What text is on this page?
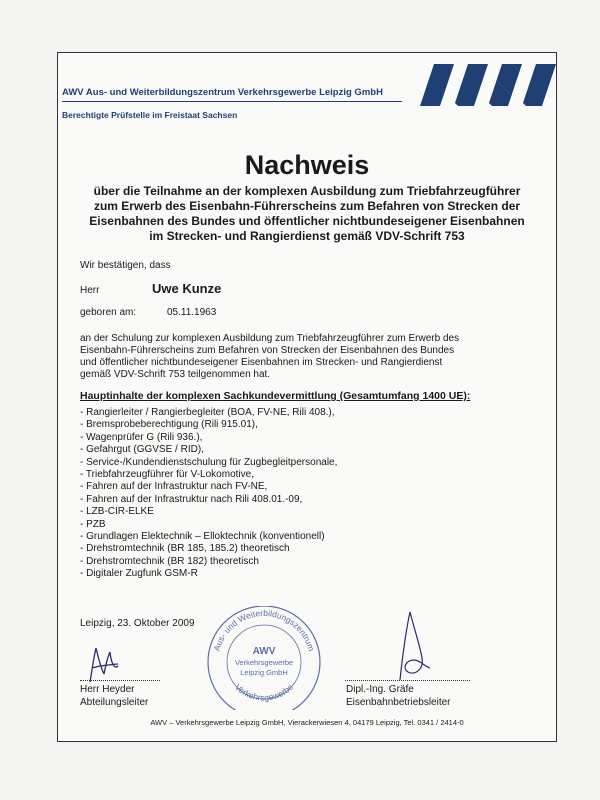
AWV Aus- und Weiterbildungszentrum Verkehrsgewerbe Leipzig GmbH
Berechtigte Prüfstelle im Freistaat Sachsen
Nachweis
über die Teilnahme an der komplexen Ausbildung zum Triebfahrzeugführer
zum Erwerb des Eisenbahn-Führerscheins zum Befahren von Strecken der
Eisenbahnen des Bundes und öffentlicher nichtbundeseigener Eisenbahnen
im Strecken- und Rangierdienst gemäß VDV-Schrift 753
Wir bestätigen, dass
Herr	Uwe Kunze
geboren am:	05.11.1963
an der Schulung zur komplexen Ausbildung zum Triebfahrzeugführer zum Erwerb des
Eisenbahn-Führerscheins zum Befahren von Strecken der Eisenbahnen des Bundes
und öffentlicher nichtbundeseigener Eisenbahnen im Strecken- und Rangierdienst
gemäß VDV-Schrift 753 teilgenommen hat.
Hauptinhalte der komplexen Sachkundevermittlung (Gesamtumfang 1400 UE):
- Rangierleiter / Rangierbegleiter (BOA, FV-NE, Rili 408.),
- Bremsprobeberechtigung (Rili 915.01),
- Wagenprüfer G (Rili 936.),
- Gefahrgut (GGVSE / RID),
- Service-/Kundendienstschulung für Zugbegleitpersonale,
- Triebfahrzeugführer für V-Lokomotive,
- Fahren auf der Infrastruktur nach FV-NE,
- Fahren auf der Infrastruktur nach Rili 408.01.-09,
- LZB-CIR-ELKE
- PZB
- Grundlagen Elektechnik – Elloktechnik (konventionell)
- Drehstromtechnik (BR 185, 185.2) theoretisch
- Drehstromtechnik (BR 182) theoretisch
- Digitaler Zugfunk GSM-R
Leipzig, 23. Oktober 2009
Herr Heyder
Abteilungsleiter
Aus- und Weiterbildungszentrum
Verkehrsgewerbe
AWV
Verkehrsgewerbe
Leipzig GmbH
Dipl.-Ing. Gräfe
Eisenbahnbetriebsleiter
AWV – Verkehrsgewerbe Leipzig GmbH, Vierackerwiesen 4, 04179 Leipzig, Tel. 0341 / 2414-0
